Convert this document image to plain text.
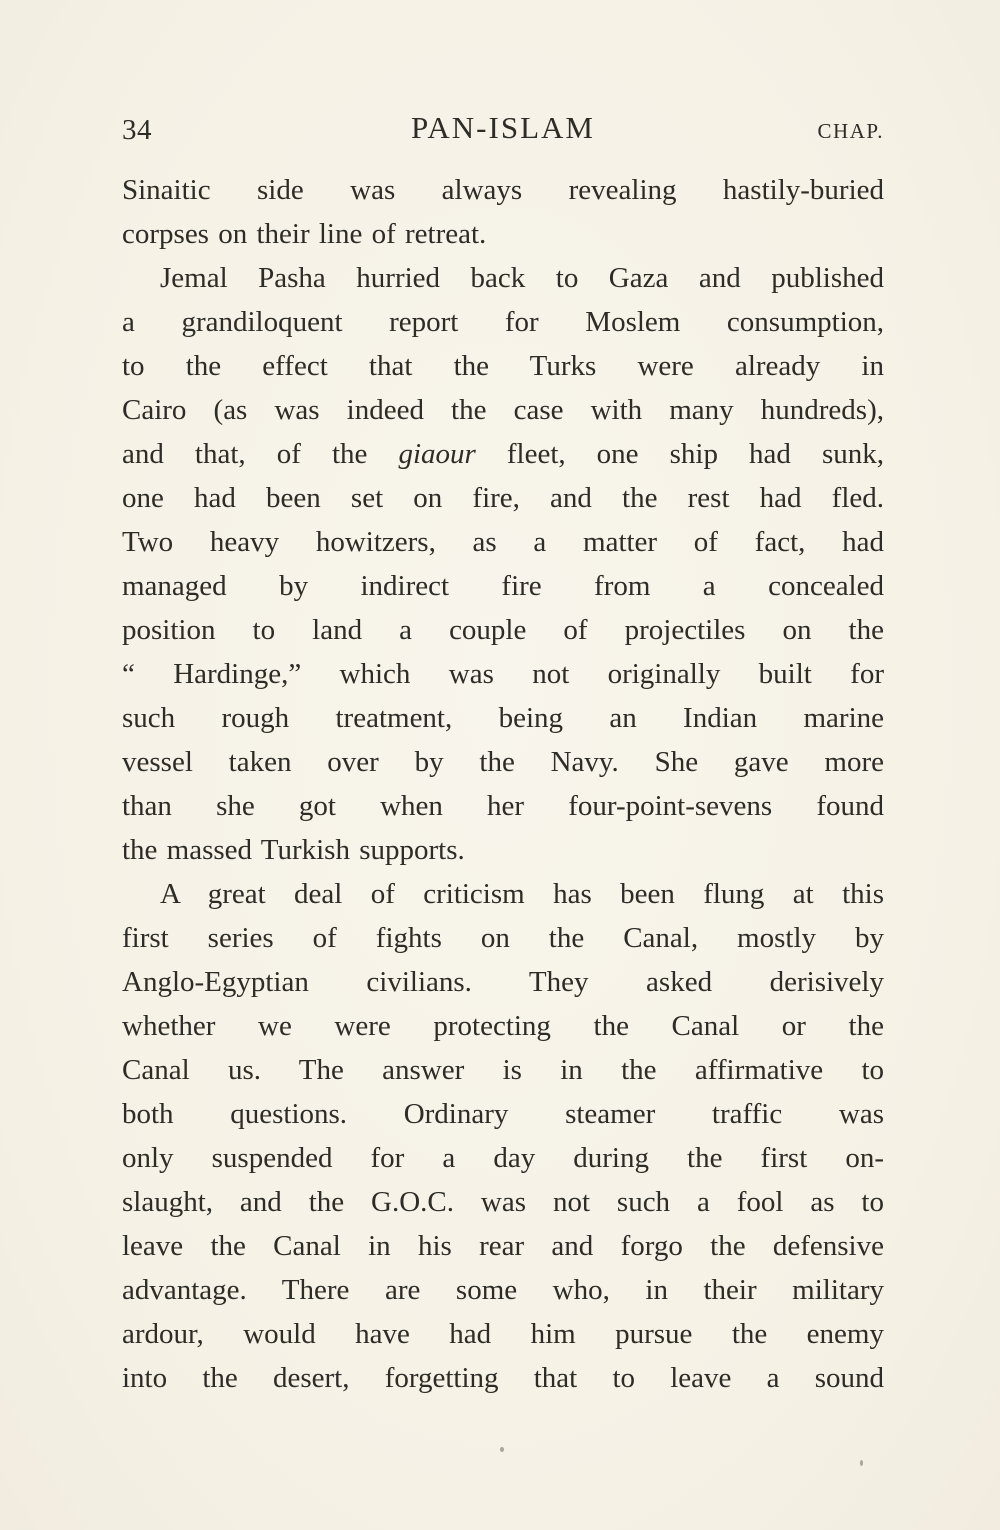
34	PAN-ISLAM	CHAP.
Sinaitic side was always revealing hastily-buried
corpses on their line of retreat.
Jemal Pasha hurried back to Gaza and published
a grandiloquent report for Moslem consumption,
to the effect that the Turks were already in
Cairo (as was indeed the case with many hundreds),
and that, of the giaour fleet, one ship had sunk,
one had been set on fire, and the rest had fled.
Two heavy howitzers, as a matter of fact, had
managed by indirect fire from a concealed
position to land a couple of projectiles on the
“ Hardinge,” which was not originally built for
such rough treatment, being an Indian marine
vessel taken over by the Navy. She gave more
than she got when her four-point-sevens found
the massed Turkish supports.
A great deal of criticism has been flung at this
first series of fights on the Canal, mostly by
Anglo-Egyptian civilians. They asked derisively
whether we were protecting the Canal or the
Canal us. The answer is in the affirmative to
both questions. Ordinary steamer traffic was
only suspended for a day during the first on-
slaught, and the G.O.C. was not such a fool as to
leave the Canal in his rear and forgo the defensive
advantage. There are some who, in their military
ardour, would have had him pursue the enemy
into the desert, forgetting that to leave a sound
